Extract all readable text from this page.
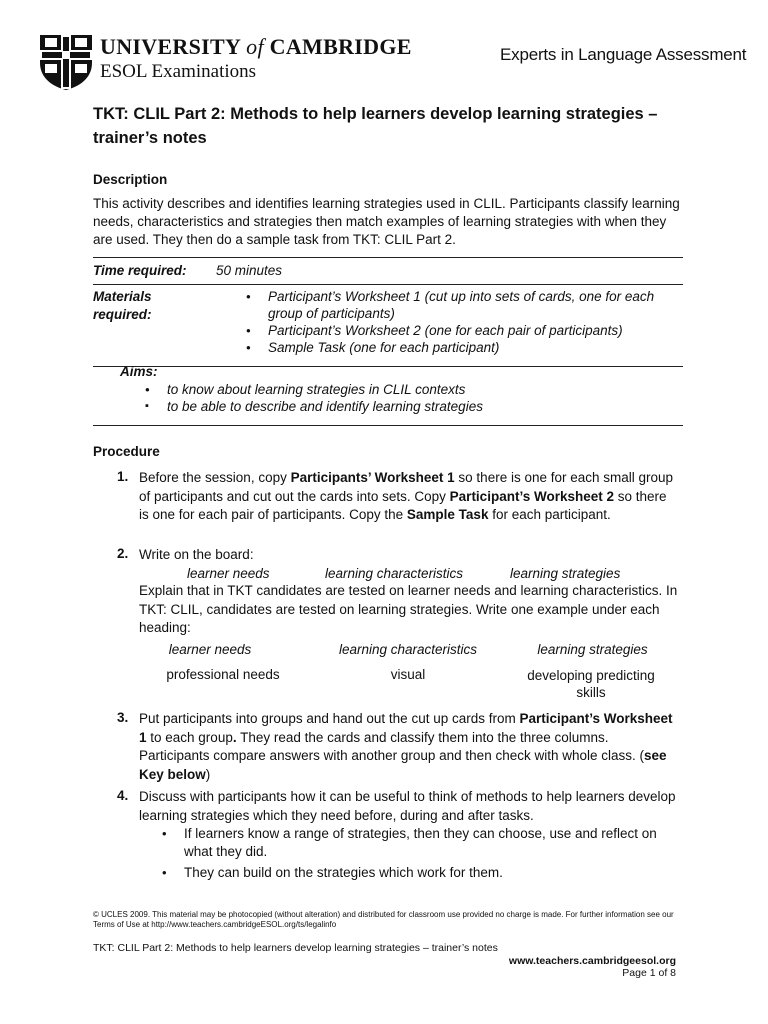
UNIVERSITY of CAMBRIDGE
ESOL Examinations
Experts in Language Assessment
TKT: CLIL Part 2: Methods to help learners develop learning strategies – trainer’s notes
Description
This activity describes and identifies learning strategies used in CLIL. Participants classify learning needs, characteristics and strategies then match examples of learning strategies with when they are used. They then do a sample task from TKT: CLIL Part 2.
Time required: 50 minutes
Materials
required:
• Participant’s Worksheet 1 (cut up into sets of cards, one for each group of participants)
• Participant’s Worksheet 2 (one for each pair of participants)
• Sample Task (one for each participant)
Aims:
• to know about learning strategies in CLIL contexts
▪ to be able to describe and identify learning strategies
Procedure
1. Before the session, copy Participants’ Worksheet 1 so there is one for each small group of participants and cut out the cards into sets. Copy Participant’s Worksheet 2 so there is one for each pair of participants. Copy the Sample Task for each participant.
2. Write on the board:
learner needs	learning characteristics	learning strategies
Explain that in TKT candidates are tested on learner needs and learning characteristics. In TKT: CLIL, candidates are tested on learning strategies. Write one example under each heading:
learner needs	learning characteristics	learning strategies
professional needs	visual	developing predicting skills
3. Put participants into groups and hand out the cut up cards from Participant’s Worksheet 1 to each group. They read the cards and classify them into the three columns. Participants compare answers with another group and then check with whole class. (see Key below)
4. Discuss with participants how it can be useful to think of methods to help learners develop learning strategies which they need before, during and after tasks.
• If learners know a range of strategies, then they can choose, use and reflect on what they did.
• They can build on the strategies which work for them.
© UCLES 2009. This material may be photocopied (without alteration) and distributed for classroom use provided no charge is made. For further information see our Terms of Use at http://www.teachers.cambridgeESOL.org/ts/legalinfo
TKT: CLIL Part 2: Methods to help learners develop learning strategies – trainer’s notes
www.teachers.cambridgeesol.org
Page 1 of 8
